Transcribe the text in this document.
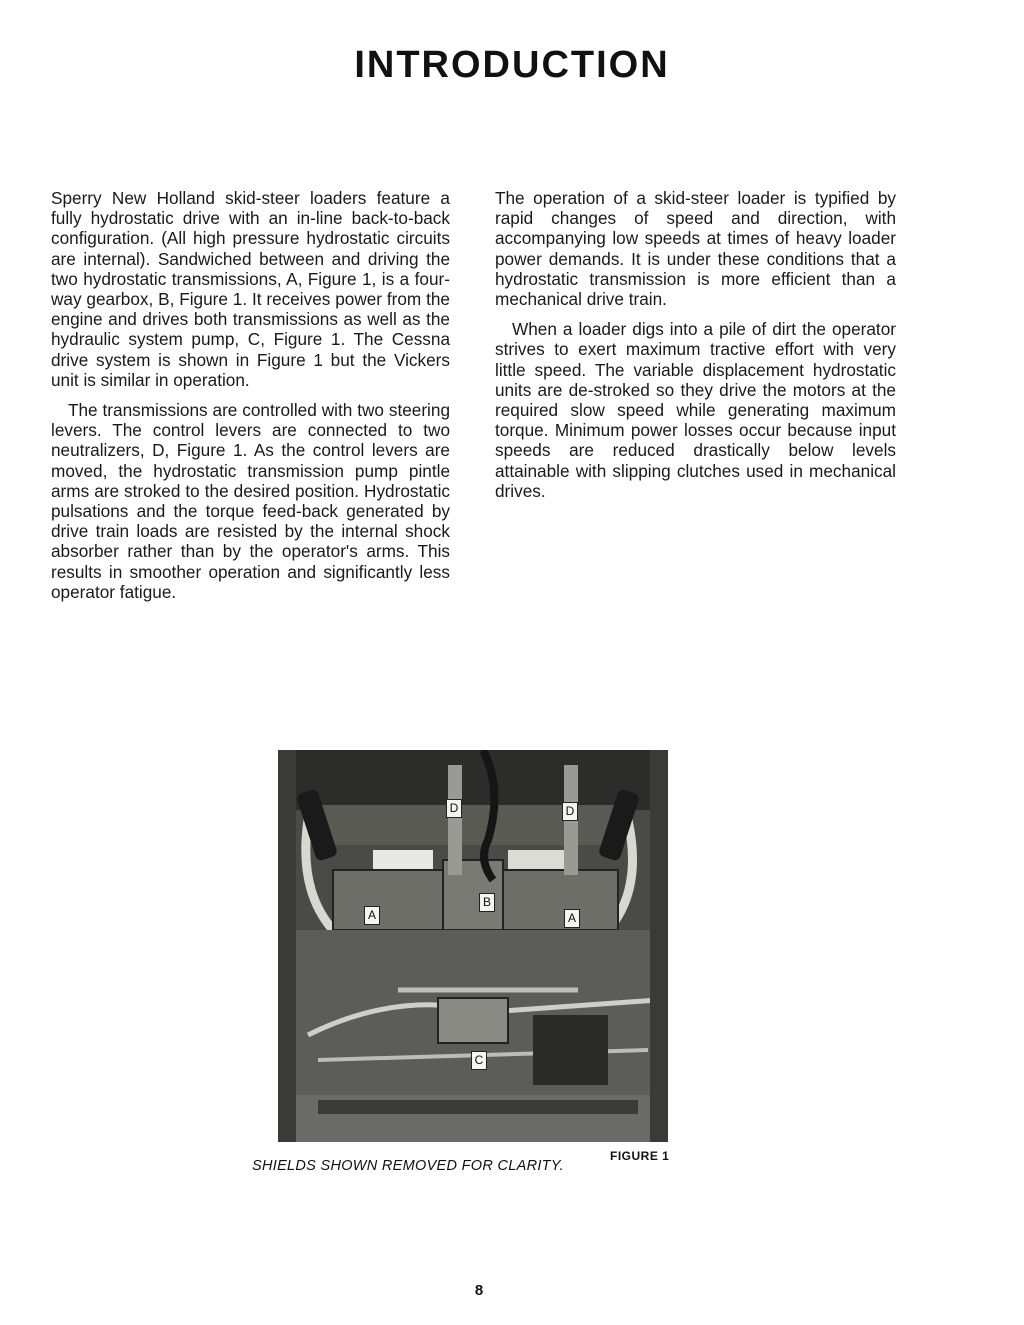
INTRODUCTION

Sperry New Holland skid-steer loaders feature a fully hydrostatic drive with an in-line back-to-back configuration. (All high pressure hydrostatic circuits are internal). Sandwiched between and driving the two hydrostatic transmissions, A, Figure 1, is a four-way gearbox, B, Figure 1. It receives power from the engine and drives both transmissions as well as the hydraulic system pump, C, Figure 1. The Cessna drive system is shown in Figure 1 but the Vickers unit is similar in operation.

The transmissions are controlled with two steering levers. The control levers are connected to two neutralizers, D, Figure 1. As the control levers are moved, the hydrostatic transmission pump pintle arms are stroked to the desired position. Hydrostatic pulsations and the torque feed-back generated by drive train loads are resisted by the internal shock absorber rather than by the operator's arms. This results in smoother operation and significantly less operator fatigue.

The operation of a skid-steer loader is typified by rapid changes of speed and direction, with accompanying low speeds at times of heavy loader power demands. It is under these conditions that a hydrostatic transmission is more efficient than a mechanical drive train.

When a loader digs into a pile of dirt the operator strives to exert maximum tractive effort with very little speed. The variable displacement hydrostatic units are de-stroked so they drive the motors at the required slow speed while generating maximum torque. Minimum power losses occur because input speeds are reduced drastically below levels attainable with slipping clutches used in mechanical drives.

D	D
A
B
A
C
SHIELDS SHOWN REMOVED FOR CLARITY.
FIGURE 1
8
